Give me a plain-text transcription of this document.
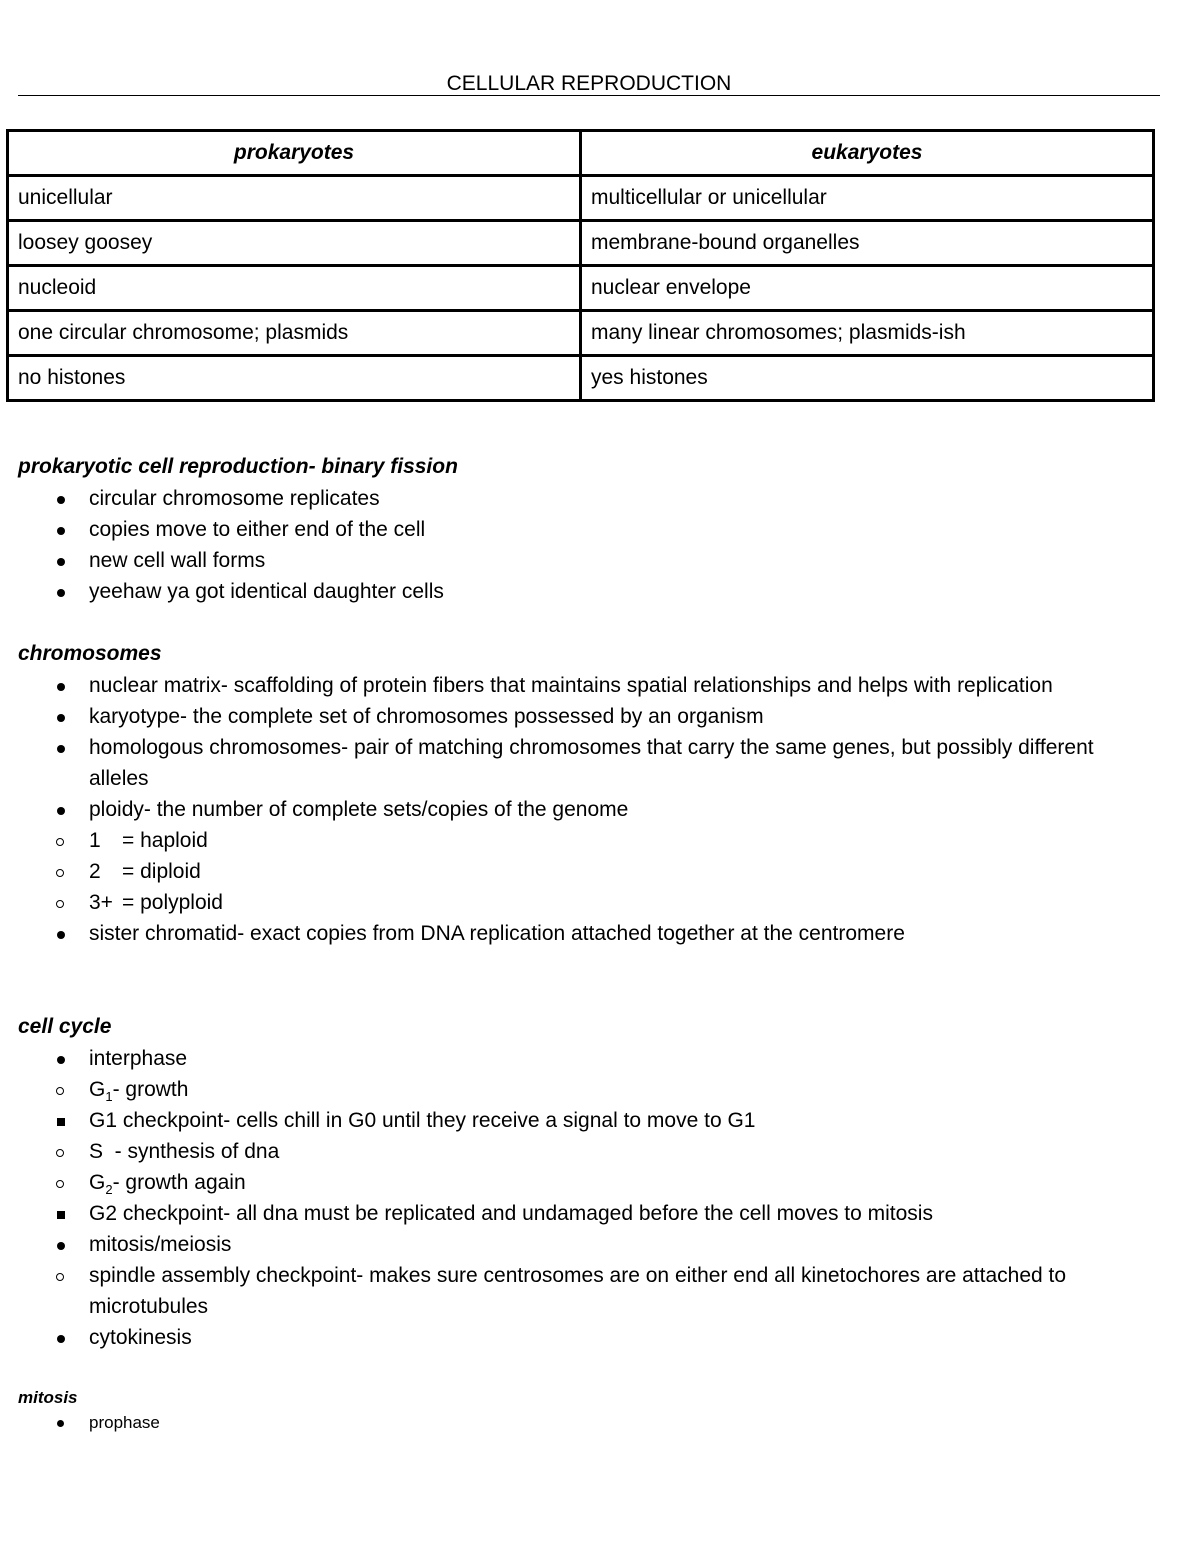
CELLULAR REPRODUCTION
prokaryotes	eukaryotes
unicellular	multicellular or unicellular
loosey goosey	membrane-bound organelles
nucleoid	nuclear envelope
one circular chromosome; plasmids	many linear chromosomes; plasmids-ish
no histones	yes histones
prokaryotic cell reproduction- binary fission
circular chromosome replicates
copies move to either end of the cell
new cell wall forms
yeehaw ya got identical daughter cells
chromosomes
nuclear matrix- scaffolding of protein fibers that maintains spatial relationships and helps with replication
karyotype- the complete set of chromosomes possessed by an organism
homologous chromosomes- pair of matching chromosomes that carry the same genes, but possibly different alleles
ploidy- the number of complete sets/copies of the genome
1 = haploid
2 = diploid
3+ = polyploid
sister chromatid- exact copies from DNA replication attached together at the centromere
cell cycle
interphase
$G_1-$ growth
G1 checkpoint- cells chill in G0 until they receive a signal to move to G1
S  - synthesis of dna
$G_2-$ growth again
G2 checkpoint- all dna must be replicated and undamaged before the cell moves to mitosis
mitosis/meiosis
spindle assembly checkpoint- makes sure centrosomes are on either end all kinetochores are attached to microtubules
cytokinesis
mitosis
prophase
